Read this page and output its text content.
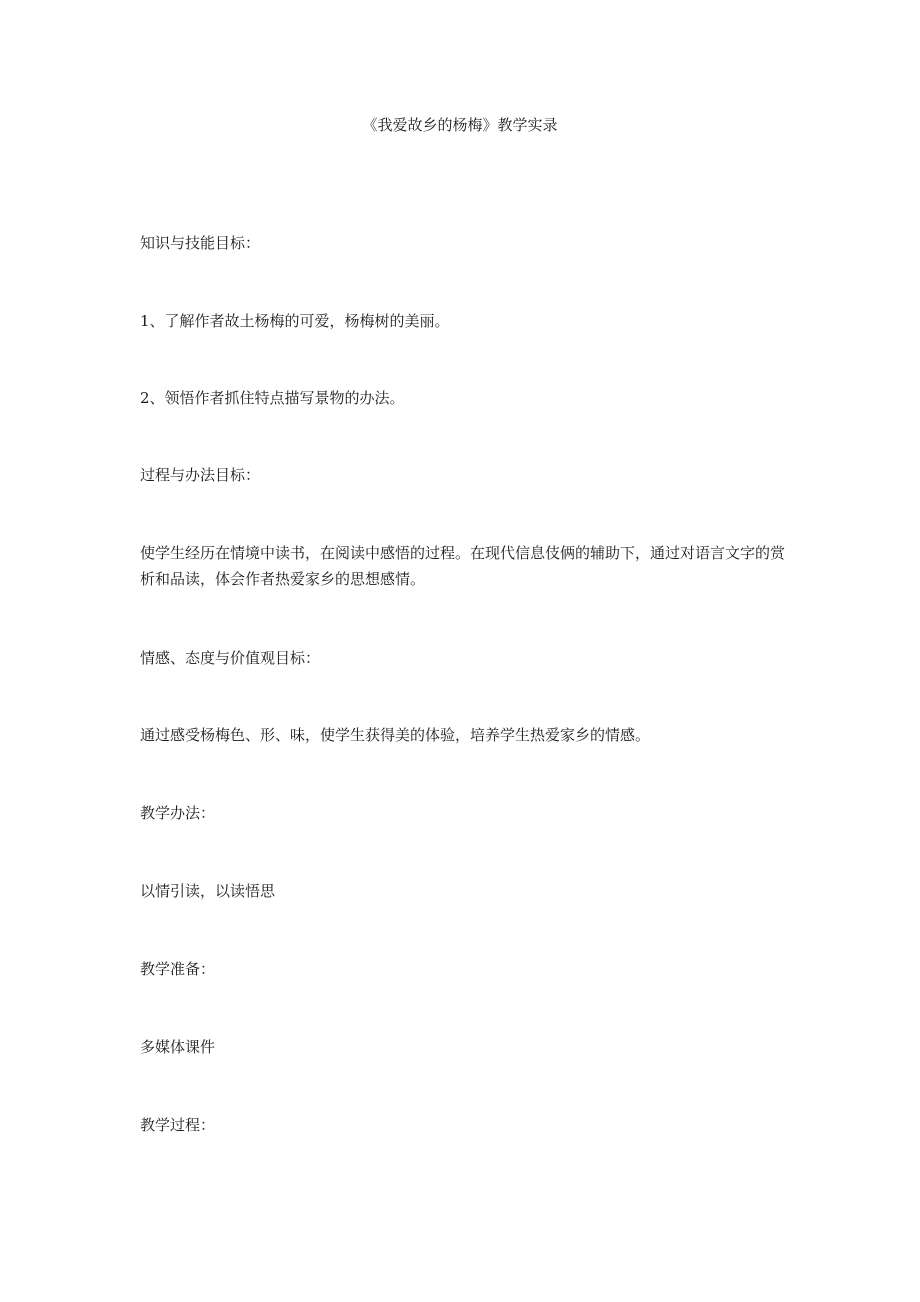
《我爱故乡的杨梅》教学实录

知识与技能目标：

1、了解作者故土杨梅的可爱，杨梅树的美丽。

2、领悟作者抓住特点描写景物的办法。

过程与办法目标：

使学生经历在情境中读书，在阅读中感悟的过程。在现代信息伎俩的辅助下，通过对语言文字的赏析和品读，体会作者热爱家乡的思想感情。

情感、态度与价值观目标：

通过感受杨梅色、形、味，使学生获得美的体验，培养学生热爱家乡的情感。

教学办法：

以情引读，以读悟思

教学准备：

多媒体课件

教学过程：
